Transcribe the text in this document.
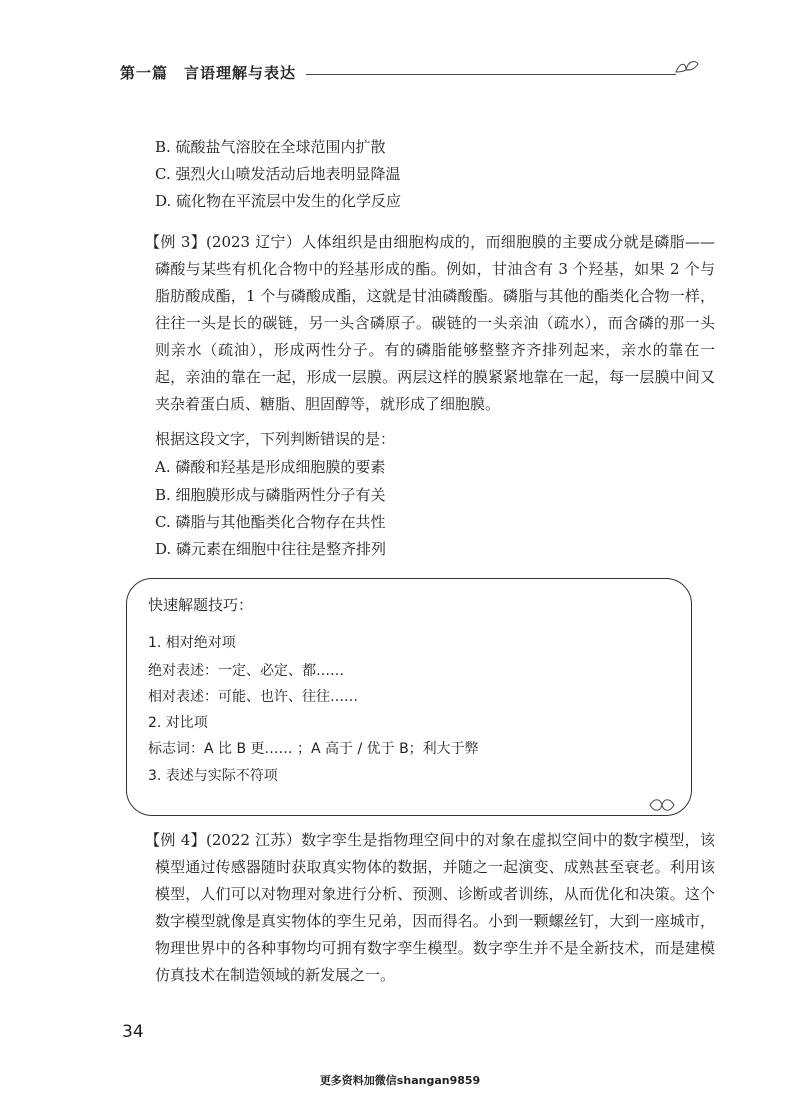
第一篇　言语理解与表达
B. 硫酸盐气溶胶在全球范围内扩散
C. 强烈火山喷发活动后地表明显降温
D. 硫化物在平流层中发生的化学反应
【例 3】(2023 辽宁）人体组织是由细胞构成的，而细胞膜的主要成分就是磷脂——磷酸与某些有机化合物中的羟基形成的酯。例如，甘油含有 3 个羟基，如果 2 个与脂肪酸成酯，1 个与磷酸成酯，这就是甘油磷酸酯。磷脂与其他的酯类化合物一样，往往一头是长的碳链，另一头含磷原子。碳链的一头亲油（疏水），而含磷的那一头则亲水（疏油），形成两性分子。有的磷脂能够整整齐齐排列起来，亲水的靠在一起，亲油的靠在一起，形成一层膜。两层这样的膜紧紧地靠在一起，每一层膜中间又夹杂着蛋白质、糖脂、胆固醇等，就形成了细胞膜。
根据这段文字，下列判断错误的是：
A. 磷酸和羟基是形成细胞膜的要素
B. 细胞膜形成与磷脂两性分子有关
C. 磷脂与其他酯类化合物存在共性
D. 磷元素在细胞中往往是整齐排列
快速解题技巧：
1. 相对绝对项
绝对表述：一定、必定、都……
相对表述：可能、也许、往往……
2. 对比项
标志词：A 比 B 更…… ；A 高于 / 优于 B；利大于弊
3. 表述与实际不符项
【例 4】(2022 江苏）数字孪生是指物理空间中的对象在虚拟空间中的数字模型，该模型通过传感器随时获取真实物体的数据，并随之一起演变、成熟甚至衰老。利用该模型，人们可以对物理对象进行分析、预测、诊断或者训练，从而优化和决策。这个数字模型就像是真实物体的孪生兄弟，因而得名。小到一颗螺丝钉，大到一座城市，物理世界中的各种事物均可拥有数字孪生模型。数字孪生并不是全新技术，而是建模仿真技术在制造领域的新发展之一。
34
更多资料加微信shangan9859
